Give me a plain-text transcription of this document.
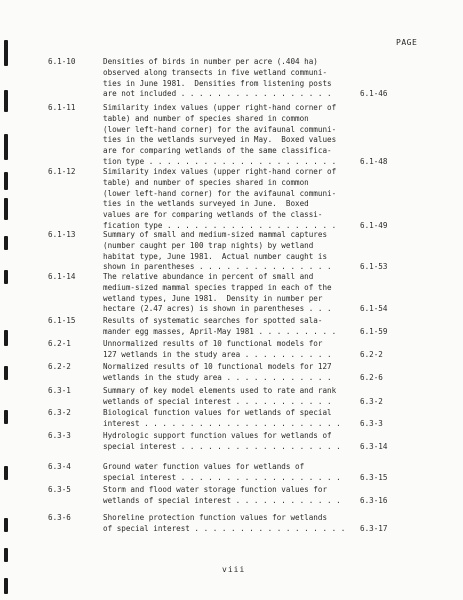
PAGE
6.1-10	Densities of birds in number per acre (.404 ha)
observed along transects in five wetland communi-
ties in June 1981.  Densities from listening posts
are not included . . . . . . . . . . . . . . . . .	6.1-46
6.1-11	Similarity index values (upper right-hand corner of
table) and number of species shared in common
(lower left-hand corner) for the avifaunal communi-
ties in the wetlands surveyed in May.  Boxed values
are for comparing wetlands of the same classifica-
tion type . . . . . . . . . . . . . . . . . . . . .	6.1-48
6.1-12	Similarity index values (upper right-hand corner of
table) and number of species shared in common
(lower left-hand corner) for the avifaunal communi-
ties in the wetlands surveyed in June.  Boxed
values are for comparing wetlands of the classi-
fication type . . . . . . . . . . . . . . . . . . .	6.1-49
6.1-13	Summary of small and medium-sized mammal captures
(number caught per 100 trap nights) by wetland
habitat type, June 1981.  Actual number caught is
shown in parentheses . . . . . . . . . . . . . . .	6.1-53
6.1-14	The relative abundance in percent of small and
medium-sized mammal species trapped in each of the
wetland types, June 1981.  Density in number per
hectare (2.47 acres) is shown in parentheses . . .	6.1-54
6.1-15	Results of systematic searches for spotted sala-
mander egg masses, April-May 1981 . . . . . . . . .	6.1-59
6.2-1	Unnormalized results of 10 functional models for
127 wetlands in the study area . . . . . . . . . .	6.2-2
6.2-2	Normalized results of 10 functional models for 127
wetlands in the study area . . . . . . . . . . . .	6.2-6
6.3-1	Summary of key model elements used to rate and rank
wetlands of special interest . . . . . . . . . . .	6.3-2
6.3-2	Biological function values for wetlands of special
interest . . . . . . . . . . . . . . . . . . . . . .	6.3-3
6.3-3	Hydrologic support function values for wetlands of
special interest . . . . . . . . . . . . . . . . . .	6.3-14
6.3-4	Ground water function values for wetlands of
special interest . . . . . . . . . . . . . . . . . .	6.3-15
6.3-5	Storm and flood water storage function values for
wetlands of special interest . . . . . . . . . . . .	6.3-16
6.3-6	Shoreline protection function values for wetlands
of special interest . . . . . . . . . . . . . . . . .	6.3-17
viii
